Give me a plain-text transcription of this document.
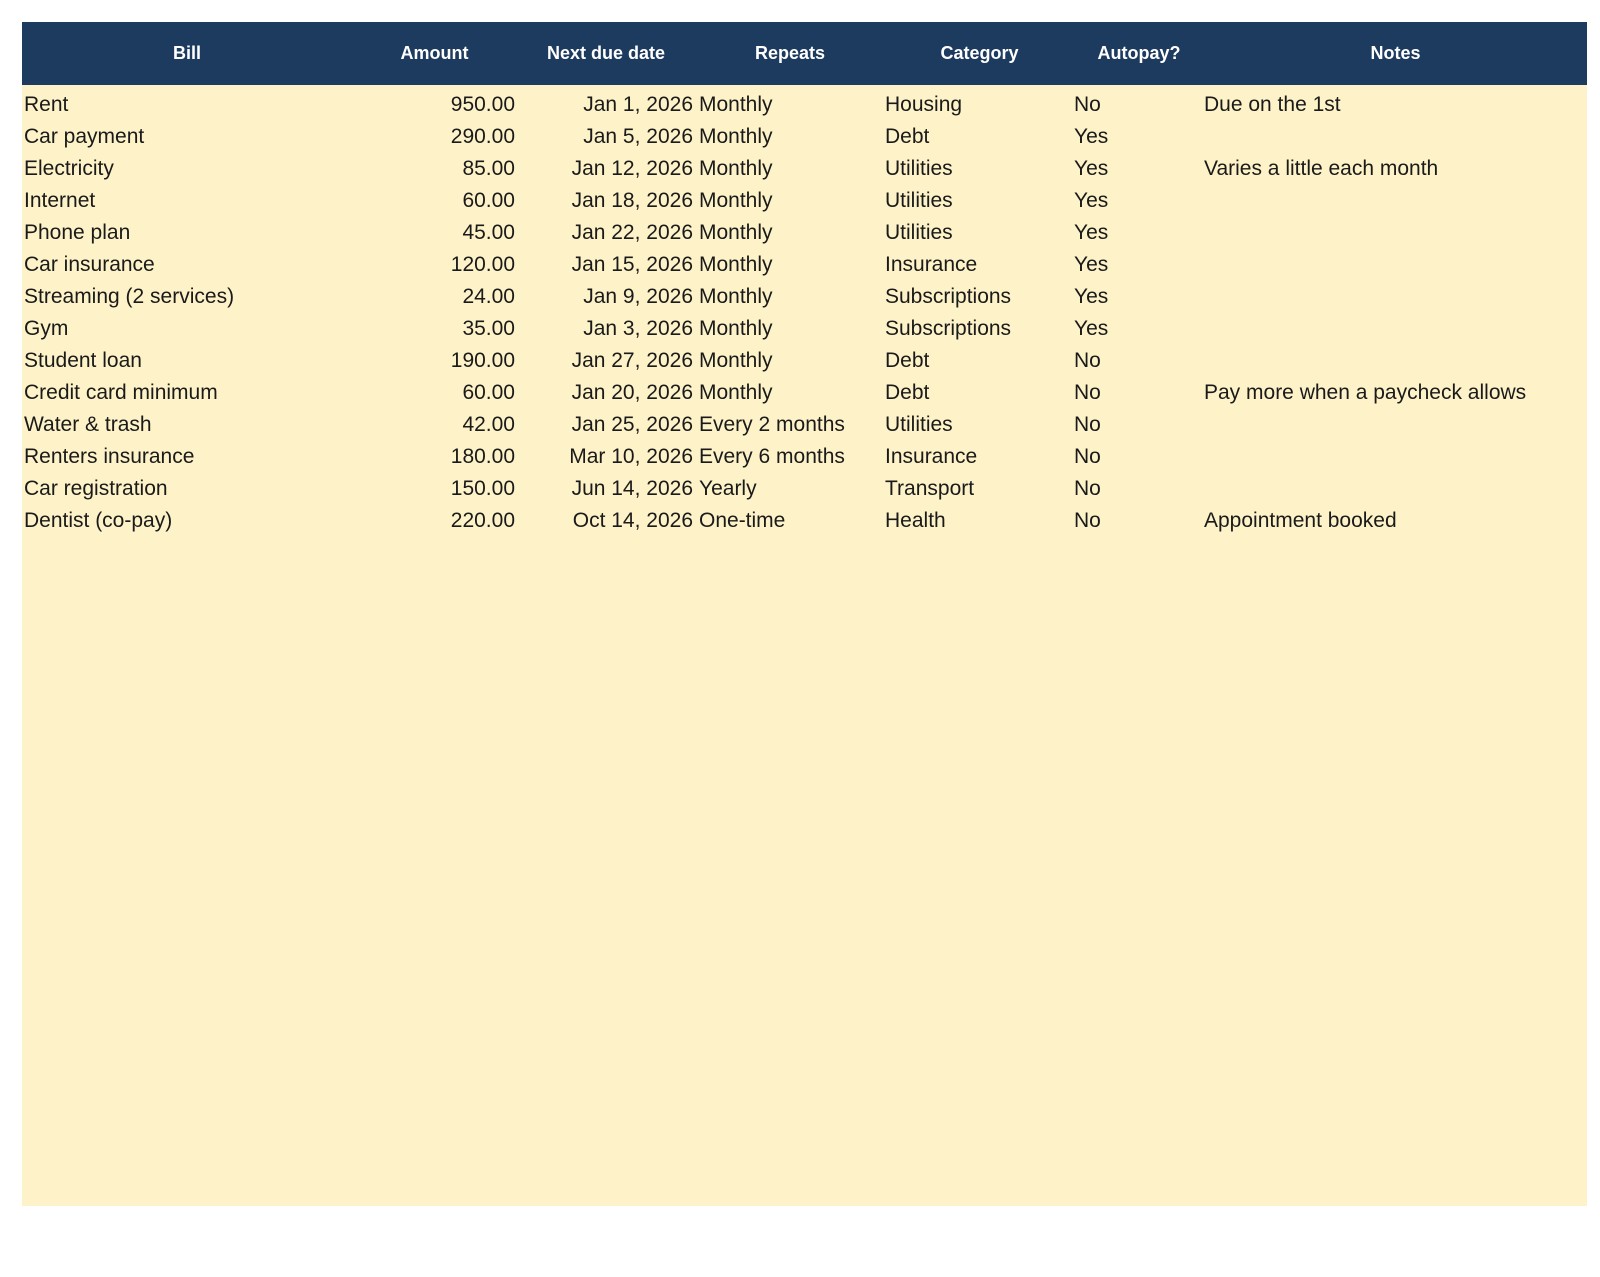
Bill	Amount	Next due date	Repeats	Category	Autopay?	Notes
Rent	950.00	Jan 1, 2026	Monthly	Housing	No	Due on the 1st
Car payment	290.00	Jan 5, 2026	Monthly	Debt	Yes	
Electricity	85.00	Jan 12, 2026	Monthly	Utilities	Yes	Varies a little each month
Internet	60.00	Jan 18, 2026	Monthly	Utilities	Yes	
Phone plan	45.00	Jan 22, 2026	Monthly	Utilities	Yes	
Car insurance	120.00	Jan 15, 2026	Monthly	Insurance	Yes	
Streaming (2 services)	24.00	Jan 9, 2026	Monthly	Subscriptions	Yes	
Gym	35.00	Jan 3, 2026	Monthly	Subscriptions	Yes	
Student loan	190.00	Jan 27, 2026	Monthly	Debt	No	
Credit card minimum	60.00	Jan 20, 2026	Monthly	Debt	No	Pay more when a paycheck allows
Water & trash	42.00	Jan 25, 2026	Every 2 months	Utilities	No	
Renters insurance	180.00	Mar 10, 2026	Every 6 months	Insurance	No	
Car registration	150.00	Jun 14, 2026	Yearly	Transport	No	
Dentist (co-pay)	220.00	Oct 14, 2026	One-time	Health	No	Appointment booked
